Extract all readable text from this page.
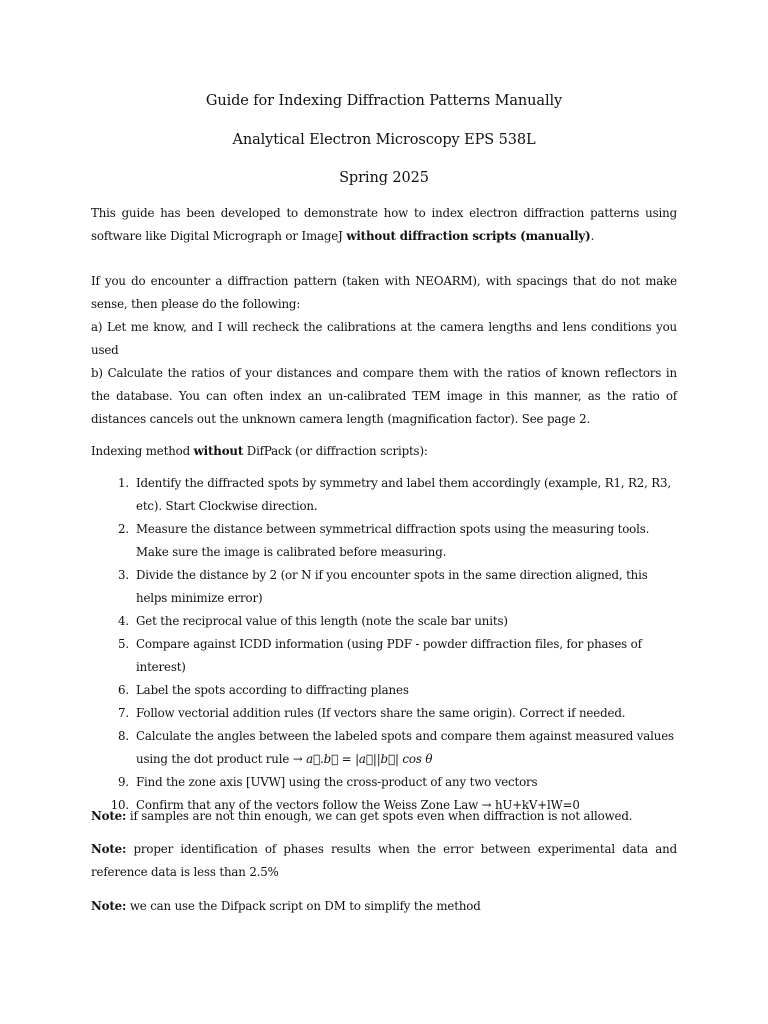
Guide for Indexing Diffraction Patterns Manually
Analytical Electron Microscopy EPS 538L
Spring 2025

This guide has been developed to demonstrate how to index electron diffraction patterns using software like Digital Micrograph or ImageJ without diffraction scripts (manually).

If you do encounter a diffraction pattern (taken with NEOARM), with spacings that do not make sense, then please do the following:

a) Let me know, and I will recheck the calibrations at the camera lengths and lens conditions you used

b) Calculate the ratios of your distances and compare them with the ratios of known reflectors in the database. You can often index an un-calibrated TEM image in this manner, as the ratio of distances cancels out the unknown camera length (magnification factor). See page 2.

Indexing method without DifPack (or diffraction scripts):

1. Identify the diffracted spots by symmetry and label them accordingly (example, R1, R2, R3, etc). Start Clockwise direction.
2. Measure the distance between symmetrical diffraction spots using the measuring tools. Make sure the image is calibrated before measuring.
3. Divide the distance by 2 (or N if you encounter spots in the same direction aligned, this helps minimize error)
4. Get the reciprocal value of this length (note the scale bar units)
5. Compare against ICDD information (using PDF - powder diffraction files, for phases of interest)
6. Label the spots according to diffracting planes
7. Follow vectorial addition rules (If vectors share the same origin). Correct if needed.
8. Calculate the angles between the labeled spots and compare them against measured values using the dot product rule → a⃗.b⃗ = |a⃗||b⃗| cos θ
9. Find the zone axis [UVW] using the cross-product of any two vectors
10. Confirm that any of the vectors follow the Weiss Zone Law → hU+kV+lW=0
Note: if samples are not thin enough, we can get spots even when diffraction is not allowed.
Note: proper identification of phases results when the error between experimental data and reference data is less than 2.5%
Note: we can use the Difpack script on DM to simplify the method
